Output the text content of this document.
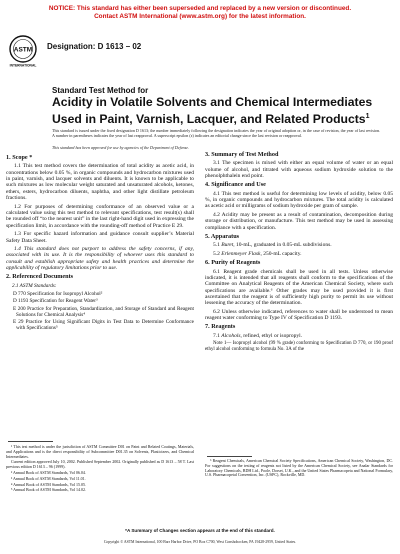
NOTICE: This standard has either been superseded and replaced by a new version or discontinued.
Contact ASTM International (www.astm.org) for the latest information.
ASTM
INTERNATIONAL
Designation: D 1613 – 02
Standard Test Method for
Acidity in Volatile Solvents and Chemical Intermediates
Used in Paint, Varnish, Lacquer, and Related Products$^1$
This standard is issued under the fixed designation D 1613; the number immediately following the designation indicates the year of original adoption or, in the case of revision, the year of last revision. A number in parentheses indicates the year of last reapproval. A superscript epsilon (ε) indicates an editorial change since the last revision or reapproval.
This standard has been approved for use by agencies of the Department of Defense.
1. Scope *

1.1 This test method covers the determination of total acidity as acetic acid, in concentrations below 0.05 %, in organic compounds and hydrocarbon mixtures used in paint, varnish, and lacquer solvents and diluents. It is known to be applicable to such mixtures as low molecular weight saturated and unsaturated alcohols, ketones, ethers, esters, hydrocarbon diluents, naphtha, and other light distillate petroleum fractions.

1.2 For purposes of determining conformance of an observed value or a calculated value using this test method to relevant specifications, test result(s) shall be rounded off “to the nearest unit” in the last right-hand digit used in expressing the specification limit, in accordance with the rounding-off method of Practice E 29.

1.3 For specific hazard information and guidance consult supplier’s Material Safety Data Sheet.

1.4 This standard does not purport to address the safety concerns, if any, associated with its use. It is the responsibility of whoever uses this standard to consult and establish appropriate safety and health practices and determine the applicability of regulatory limitations prior to use.

2. Referenced Documents
2.1 ASTM Standards:
D 770 Specification for Isopropyl Alcohol²
D 1193 Specification for Reagent Water³
E 200 Practice for Preparation, Standardization, and Storage of Standard and Reagent Solutions for Chemical Analysis⁴
E 29 Practice for Using Significant Digits in Test Data to Determine Conformance with Specifications⁵
3. Summary of Test Method

3.1 The specimen is mixed with either an equal volume of water or an equal volume of alcohol, and titrated with aqueous sodium hydroxide solution to the phenolphthalein end point.

4. Significance and Use

4.1 This test method is useful for determining low levels of acidity, below 0.05 %, in organic compounds and hydrocarbon mixtures. The total acidity is calculated as acetic acid or milligrams of sodium hydroxide per gram of sample.

4.2 Acidity may be present as a result of contamination, decomposition during storage or distribution, or manufacture. This test method may be used in assessing compliance with a specification.

5. Apparatus

5.1 Buret, 10-mL, graduated in 0.05-mL subdivisions.

5.2 Erlenmeyer Flask, 250-mL capacity.

6. Purity of Reagents

6.1 Reagent grade chemicals shall be used in all tests. Unless otherwise indicated, it is intended that all reagents shall conform to the specifications of the Committee on Analytical Reagents of the American Chemical Society, where such specifications are available.⁶ Other grades may be used provided it is first ascertained that the reagent is of sufficiently high purity to permit its use without lessening the accuracy of the determination.

6.2 Unless otherwise indicated, references to water shall be understood to mean reagent water conforming to Type IV of Specification D 1193.

7. Reagents

7.1 Alcohols, refined, ethyl or isopropyl.

Note 1— Isopropyl alcohol (99 % grade) conforming to Specification D 770, or 190 proof ethyl alcohol conforming to formula No. 3A of the

¹ This test method is under the jurisdiction of ASTM Committee D01 on Paint and Related Coatings, Materials, and Applications and is the direct responsibility of Subcommittee D01.35 on Solvents, Plasticizers, and Chemical Intermediates.

Current edition approved July 10, 2002. Published September 2002. Originally published as D 1613 – 58 T. Last previous edition D 1613 – 96 (1999).

² Annual Book of ASTM Standards, Vol 06.04.

³ Annual Book of ASTM Standards, Vol 11.01.

⁴ Annual Book of ASTM Standards, Vol 15.05.

⁵ Annual Book of ASTM Standards, Vol 14.02.

⁶ Reagent Chemicals, American Chemical Society Specifications, American Chemical Society, Washington, DC. For suggestions on the testing of reagents not listed by the American Chemical Society, see Analar Standards for Laboratory Chemicals, BDH Ltd., Poole, Dorset, U.K., and the United States Pharmacopeia and National Formulary, U.S. Pharmacopeial Convention, Inc. (USPC), Rockville, MD.
*A Summary of Changes section appears at the end of this standard.
Copyright © ASTM International, 100 Barr Harbor Drive, PO Box C700, West Conshohocken, PA 19428-2959, United States.
